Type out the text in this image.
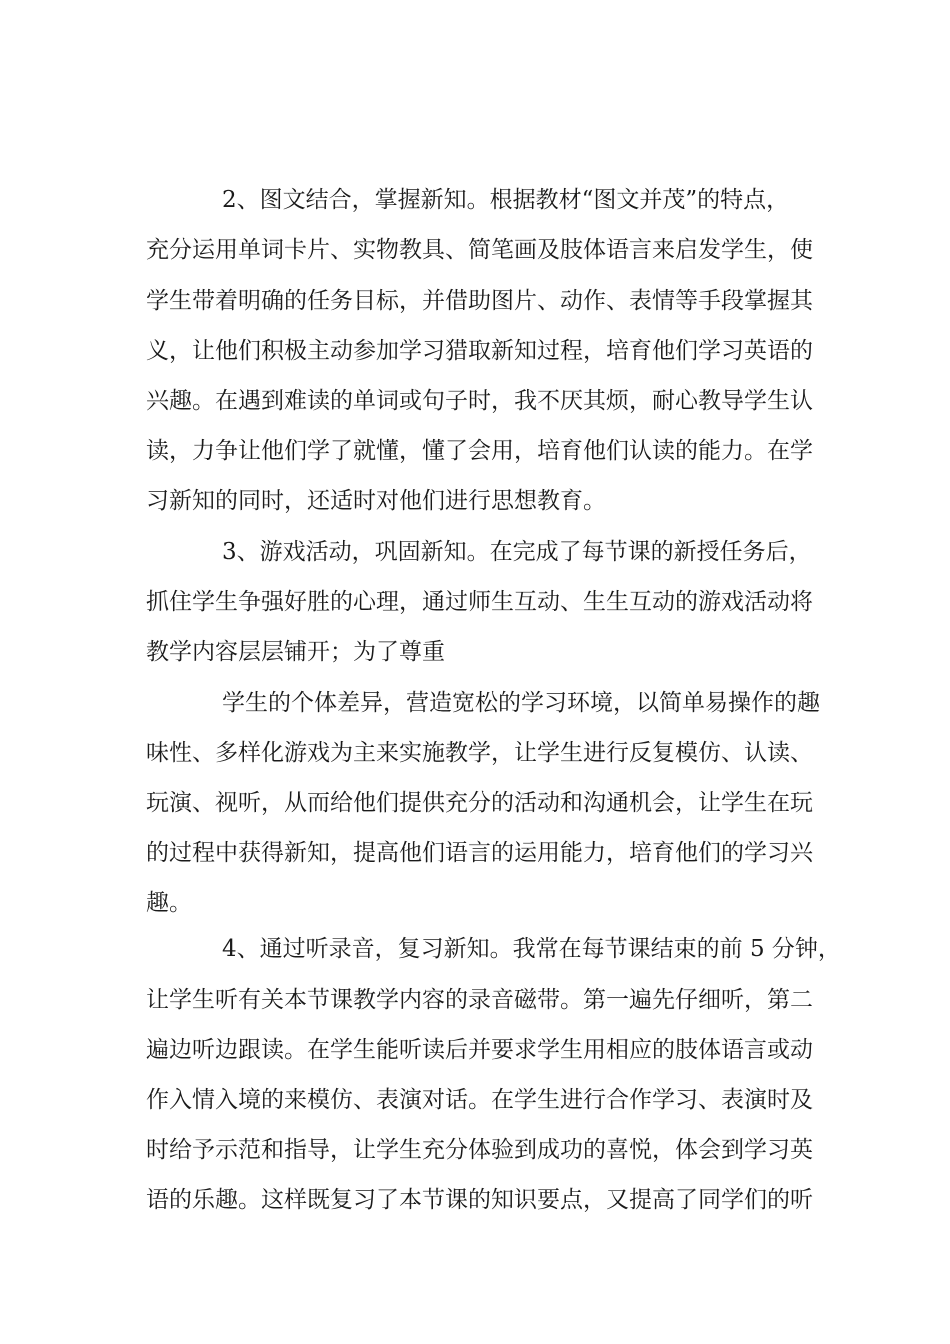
2、图文结合，掌握新知。根据教材“图文并茂”的特点，

充分运用单词卡片、实物教具、简笔画及肢体语言来启发学生，使

学生带着明确的任务目标，并借助图片、动作、表情等手段掌握其

义，让他们积极主动参加学习猎取新知过程，培育他们学习英语的

兴趣。在遇到难读的单词或句子时，我不厌其烦，耐心教导学生认

读，力争让他们学了就懂，懂了会用，培育他们认读的能力。在学

习新知的同时，还适时对他们进行思想教育。

3、游戏活动，巩固新知。在完成了每节课的新授任务后，

抓住学生争强好胜的心理，通过师生互动、生生互动的游戏活动将

教学内容层层铺开；为了尊重

学生的个体差异，营造宽松的学习环境，以简单易操作的趣

味性、多样化游戏为主来实施教学，让学生进行反复模仿、认读、

玩演、视听，从而给他们提供充分的活动和沟通机会，让学生在玩

的过程中获得新知，提高他们语言的运用能力，培育他们的学习兴

趣。

4、通过听录音，复习新知。我常在每节课结束的前 5 分钟，

让学生听有关本节课教学内容的录音磁带。第一遍先仔细听，第二

遍边听边跟读。在学生能听读后并要求学生用相应的肢体语言或动

作入情入境的来模仿、表演对话。在学生进行合作学习、表演时及

时给予示范和指导，让学生充分体验到成功的喜悦，体会到学习英

语的乐趣。这样既复习了本节课的知识要点，又提高了同学们的听
